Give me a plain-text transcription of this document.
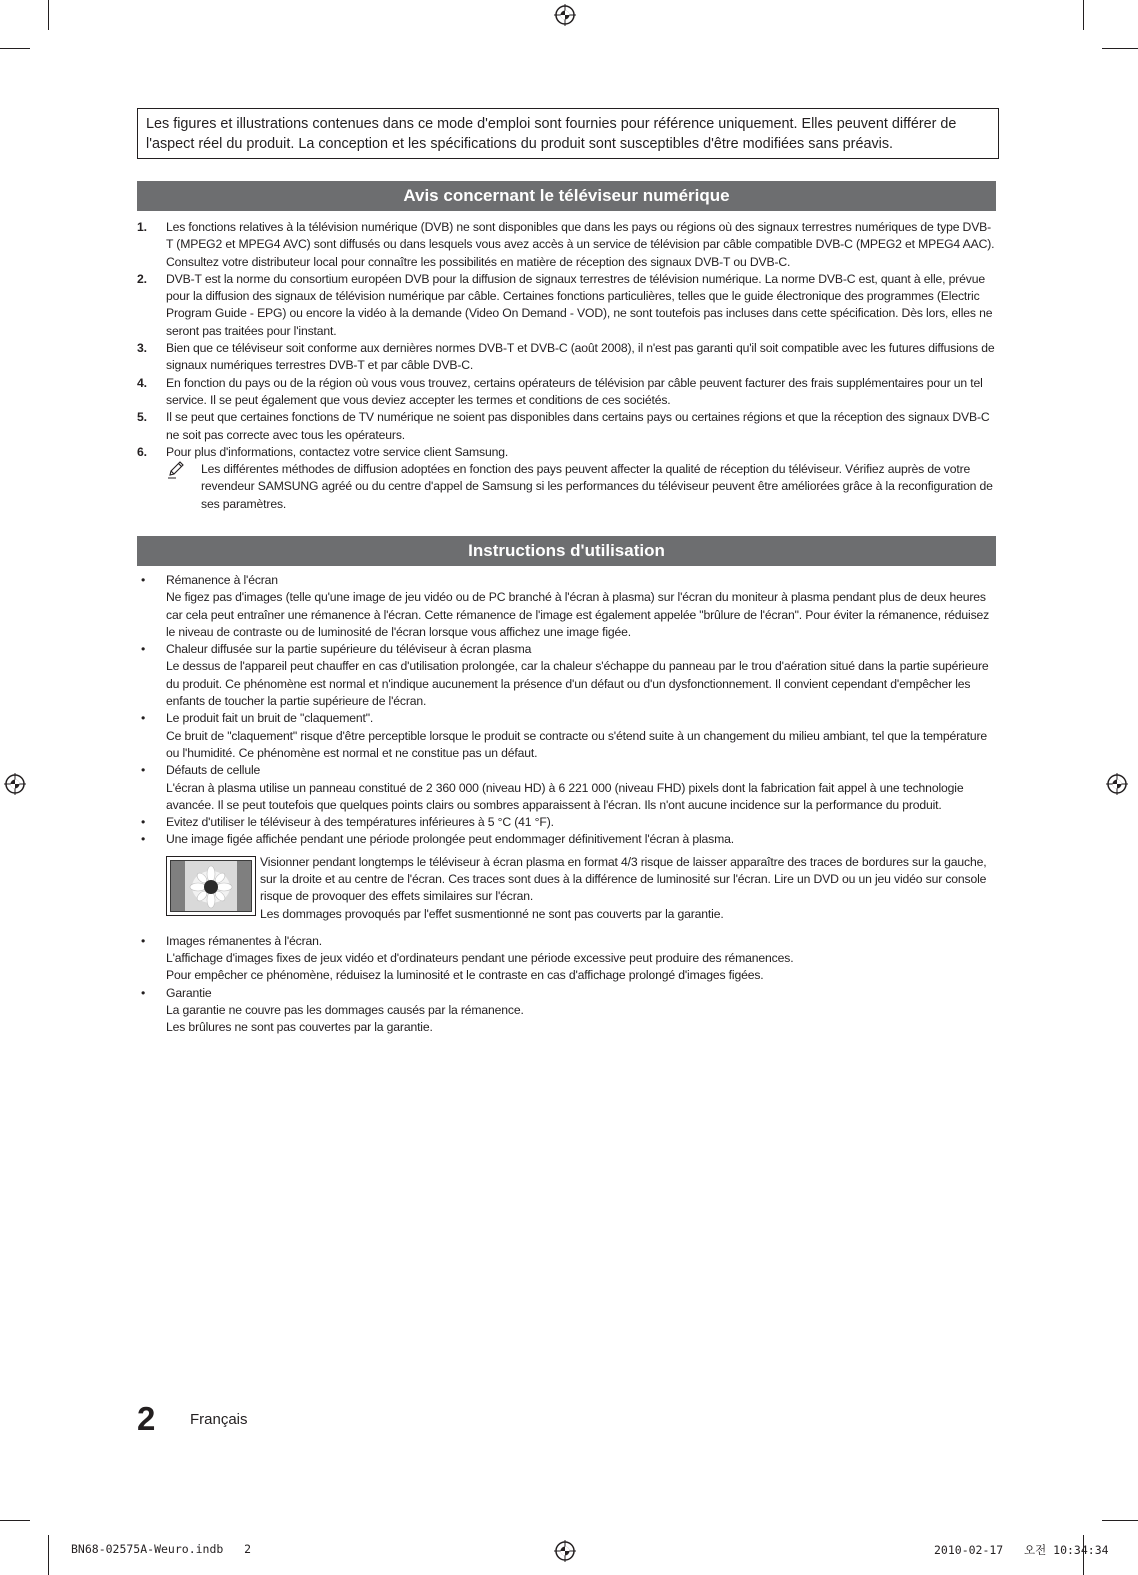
Les figures et illustrations contenues dans ce mode d'emploi sont fournies pour référence uniquement. Elles peuvent différer de l'aspect réel du produit. La conception et les spécifications du produit sont susceptibles d'être modifiées sans préavis.
Avis concernant le téléviseur numérique
1. Les fonctions relatives à la télévision numérique (DVB) ne sont disponibles que dans les pays ou régions où des signaux terrestres numériques de type DVB-T (MPEG2 et MPEG4 AVC) sont diffusés ou dans lesquels vous avez accès à un service de télévision par câble compatible DVB-C (MPEG2 et MPEG4 AAC). Consultez votre distributeur local pour connaître les possibilités en matière de réception des signaux DVB-T ou DVB-C.
2. DVB-T est la norme du consortium européen DVB pour la diffusion de signaux terrestres de télévision numérique. La norme DVB-C est, quant à elle, prévue pour la diffusion des signaux de télévision numérique par câble. Certaines fonctions particulières, telles que le guide électronique des programmes (Electric Program Guide - EPG) ou encore la vidéo à la demande (Video On Demand - VOD), ne sont toutefois pas incluses dans cette spécification. Dès lors, elles ne seront pas traitées pour l'instant.
3. Bien que ce téléviseur soit conforme aux dernières normes DVB-T et DVB-C (août 2008), il n'est pas garanti qu'il soit compatible avec les futures diffusions de signaux numériques terrestres DVB-T et par câble DVB-C.
4. En fonction du pays ou de la région où vous vous trouvez, certains opérateurs de télévision par câble peuvent facturer des frais supplémentaires pour un tel service. Il se peut également que vous deviez accepter les termes et conditions de ces sociétés.
5. Il se peut que certaines fonctions de TV numérique ne soient pas disponibles dans certains pays ou certaines régions et que la réception des signaux DVB-C ne soit pas correcte avec tous les opérateurs.
6. Pour plus d'informations, contactez votre service client Samsung.
Les différentes méthodes de diffusion adoptées en fonction des pays peuvent affecter la qualité de réception du téléviseur. Vérifiez auprès de votre revendeur SAMSUNG agréé ou du centre d'appel de Samsung si les performances du téléviseur peuvent être améliorées grâce à la reconfiguration de ses paramètres.
Instructions d'utilisation
• Rémanence à l'écran
Ne figez pas d'images (telle qu'une image de jeu vidéo ou de PC branché à l'écran à plasma) sur l'écran du moniteur à plasma pendant plus de deux heures car cela peut entraîner une rémanence à l'écran. Cette rémanence de l'image est également appelée "brûlure de l'écran". Pour éviter la rémanence, réduisez le niveau de contraste ou de luminosité de l'écran lorsque vous affichez une image figée.
• Chaleur diffusée sur la partie supérieure du téléviseur à écran plasma
Le dessus de l'appareil peut chauffer en cas d'utilisation prolongée, car la chaleur s'échappe du panneau par le trou d'aération situé dans la partie supérieure du produit. Ce phénomène est normal et n'indique aucunement la présence d'un défaut ou d'un dysfonctionnement. Il convient cependant d'empêcher les enfants de toucher la partie supérieure de l'écran.
• Le produit fait un bruit de "claquement".
Ce bruit de "claquement" risque d'être perceptible lorsque le produit se contracte ou s'étend suite à un changement du milieu ambiant, tel que la température ou l'humidité. Ce phénomène est normal et ne constitue pas un défaut.
• Défauts de cellule
L'écran à plasma utilise un panneau constitué de 2 360 000 (niveau HD) à 6 221 000 (niveau FHD) pixels dont la fabrication fait appel à une technologie avancée. Il se peut toutefois que quelques points clairs ou sombres apparaissent à l'écran. Ils n'ont aucune incidence sur la performance du produit.
• Evitez d'utiliser le téléviseur à des températures inférieures à 5 °C (41 °F).
• Une image figée affichée pendant une période prolongée peut endommager définitivement l'écran à plasma.
Visionner pendant longtemps le téléviseur à écran plasma en format 4/3 risque de laisser apparaître des traces de bordures sur la gauche, sur la droite et au centre de l'écran. Ces traces sont dues à la différence de luminosité sur l'écran. Lire un DVD ou un jeu vidéo sur console risque de provoquer des effets similaires sur l'écran.
Les dommages provoqués par l'effet susmentionné ne sont pas couverts par la garantie.
• Images rémanentes à l'écran.
L'affichage d'images fixes de jeux vidéo et d'ordinateurs pendant une période excessive peut produire des rémanences.
Pour empêcher ce phénomène, réduisez la luminosité et le contraste en cas d'affichage prolongé d'images figées.
• Garantie
La garantie ne couvre pas les dommages causés par la rémanence.
Les brûlures ne sont pas couvertes par la garantie.
2 Français
BN68-02575A-Weuro.indb   2	2010-02-17   오전 10:34:34
